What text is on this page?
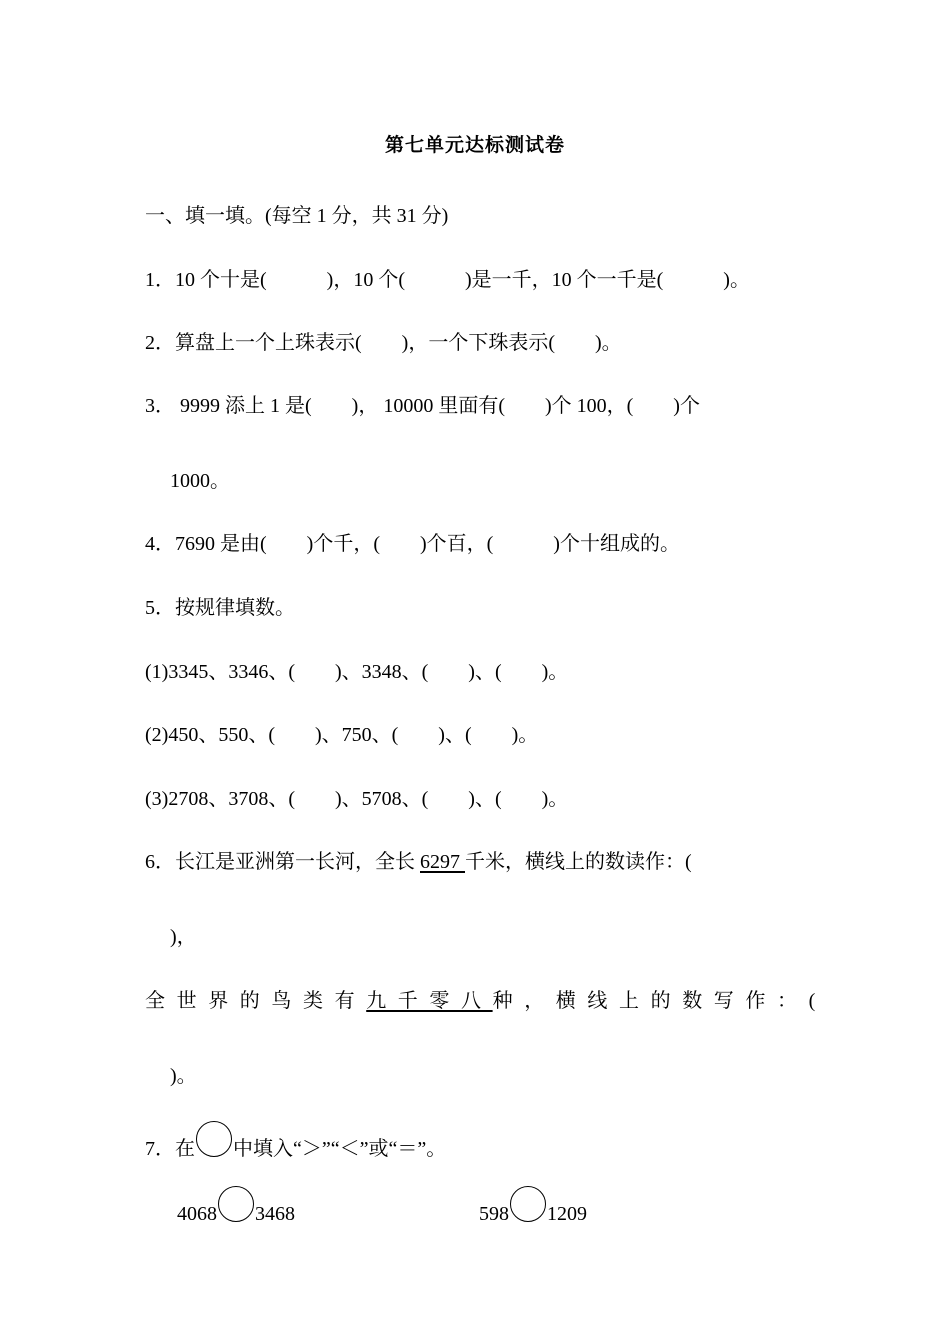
第七单元达标测试卷
一、填一填。(每空 1 分，共 31 分)
1．10 个十是(　　　)，10 个(　　　)是一千，10 个一千是(　　　)。
2．算盘上一个上珠表示(　　)，一个下珠表示(　　)。
3． 9999 添上 1 是(　　)， 10000 里面有(　　)个 100，(　　)个
1000。
4．7690 是由(　　)个千，(　　)个百，(　　　)个十组成的。
5．按规律填数。
(1)3345、3346、(　　)、3348、(　　)、(　　)。
(2)450、550、(　　)、750、(　　)、(　　)。
(3)2708、3708、(　　)、5708、(　　)、(　　)。
6．长江是亚洲第一长河，全长 6297 千米，横线上的数读作：(
)，
全世界的鸟类有九千零八种，横线上的数写作：(
)。
7．在 中填入“＞”“＜”或“＝”。
4068 3468	598 1209
